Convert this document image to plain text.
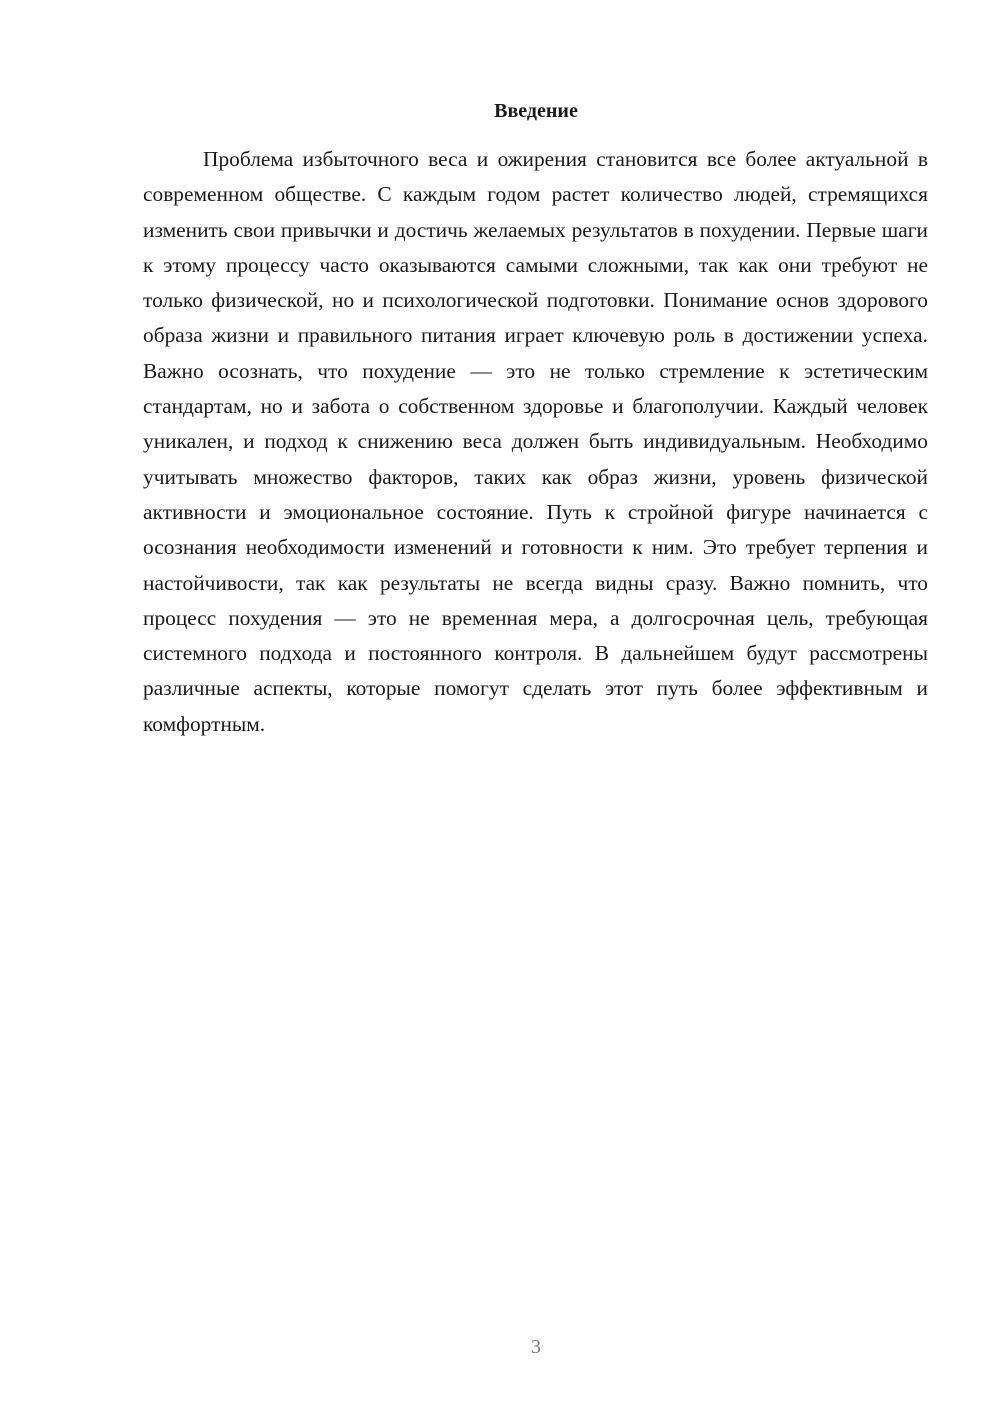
Введение

Проблема избыточного веса и ожирения становится все более актуальной в современном обществе. С каждым годом растет количество людей, стремящихся изменить свои привычки и достичь желаемых результатов в похудении. Первые шаги к этому процессу часто оказываются самыми сложными, так как они требуют не только физической, но и психологической подготовки. Понимание основ здорового образа жизни и правильного питания играет ключевую роль в достижении успеха. Важно осознать, что похудение — это не только стремление к эстетическим стандартам, но и забота о собственном здоровье и благополучии. Каждый человек уникален, и подход к снижению веса должен быть индивидуальным. Необходимо учитывать множество факторов, таких как образ жизни, уровень физической активности и эмоциональное состояние. Путь к стройной фигуре начинается с осознания необходимости изменений и готовности к ним. Это требует терпения и настойчивости, так как результаты не всегда видны сразу. Важно помнить, что процесс похудения — это не временная мера, а долгосрочная цель, требующая системного подхода и постоянного контроля. В дальнейшем будут рассмотрены различные аспекты, которые помогут сделать этот путь более эффективным и комфортным.

3
